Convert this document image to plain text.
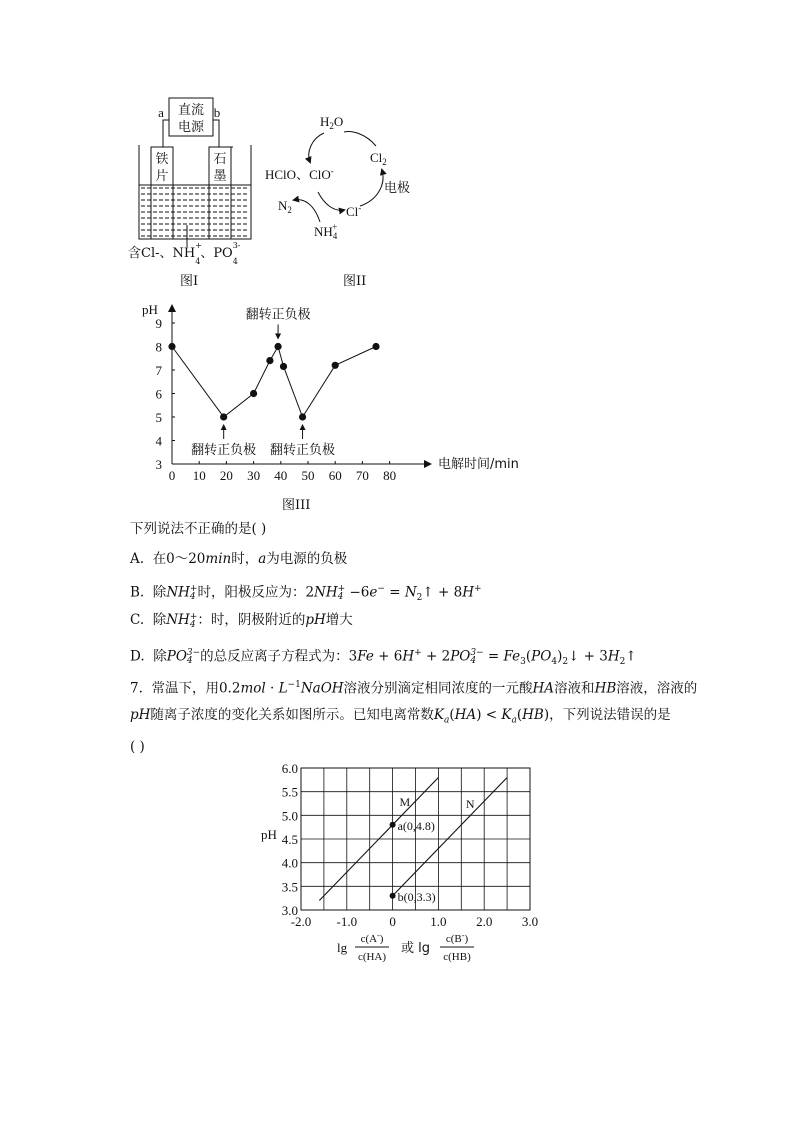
直流
电源
a	b
铁
片
石
墨
含Cl-、NH
+
$_4$、PO
3-
$_4$
图I
$H_2O$
$Cl_2$
HClO、ClO-
电极
$N_2$	Cl-
$NH_4+$
图II
pH
电解时间/min
0 10 20 30 40 50 60 70 80
3
4
5
6
7
8
9
翻转正负极
翻转正负极 翻转正负极
图III
下列说法不正确的是( )
A.  在0～20min时，a为电源的负极
B.  除NH+
4 时，阳极反应为：2NH+
$4 -6e^- = N_2↑ + 8H^+$
C.  除NH+
4 ：时，阴极附近的pH增大
D.  除PO3−
4 的总反应离子方程式为：3Fe + 6H+ + 2PO3−
$4 = Fe_3(PO_4)_2↓$ + $3H_2↑$
7.  常温下，用$0.2mol \cdot L^{-1}NaOH$溶液分别滴定相同浓度的一元酸HA溶液和HB溶液，溶液的
pH随离子浓度的变化关系如图所示。已知电离常数$K_a(HA) < K_a(HB)$，下列说法错误的是
( )
-2.0 -1.0 0	1.0 2.0 3.0
3.0
3.5
4.0
4.5
5.0
5.5
6.0
M	N
a(0,4.8)
b(0,3.3)
pH
lg
c(A-)
c(HA)
或 lg
c(B-)
c(HB)
